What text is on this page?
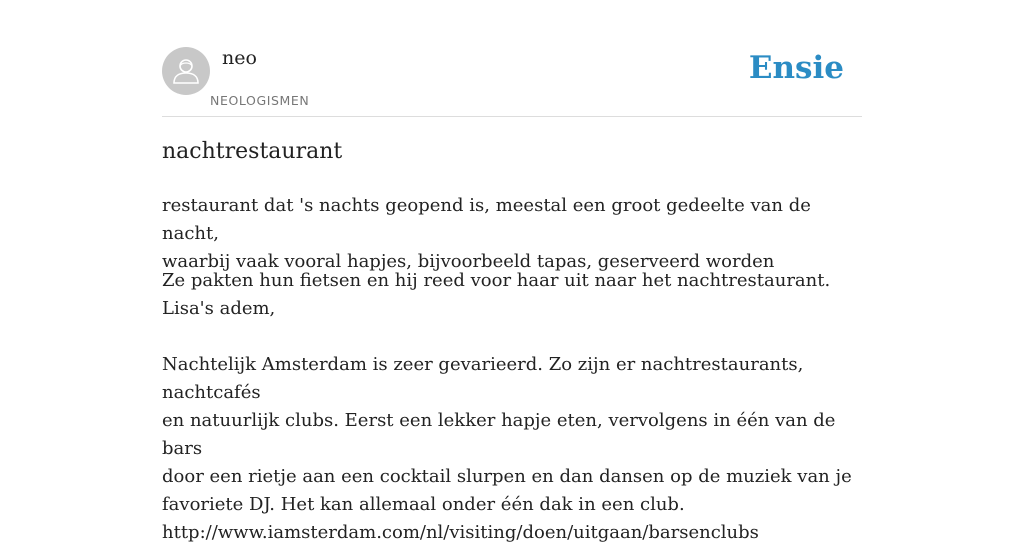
neo
NEOLOGISMEN
Ensie
nachtrestaurant

restaurant dat 's nachts geopend is, meestal een groot gedeelte van de nacht,
waarbij vaak vooral hapjes, bijvoorbeeld tapas, geserveerd worden

Ze pakten hun fietsen en hij reed voor haar uit naar het nachtrestaurant.
Lisa's adem,
Nachtelijk Amsterdam is zeer gevarieerd. Zo zijn er nachtrestaurants, nachtcafés
en natuurlijk clubs. Eerst een lekker hapje eten, vervolgens in één van de bars
door een rietje aan een cocktail slurpen en dan dansen op de muziek van je
favoriete DJ. Het kan allemaal onder één dak in een club.
http://www.iamsterdam.com/nl/visiting/doen/uitgaan/barsenclubs
